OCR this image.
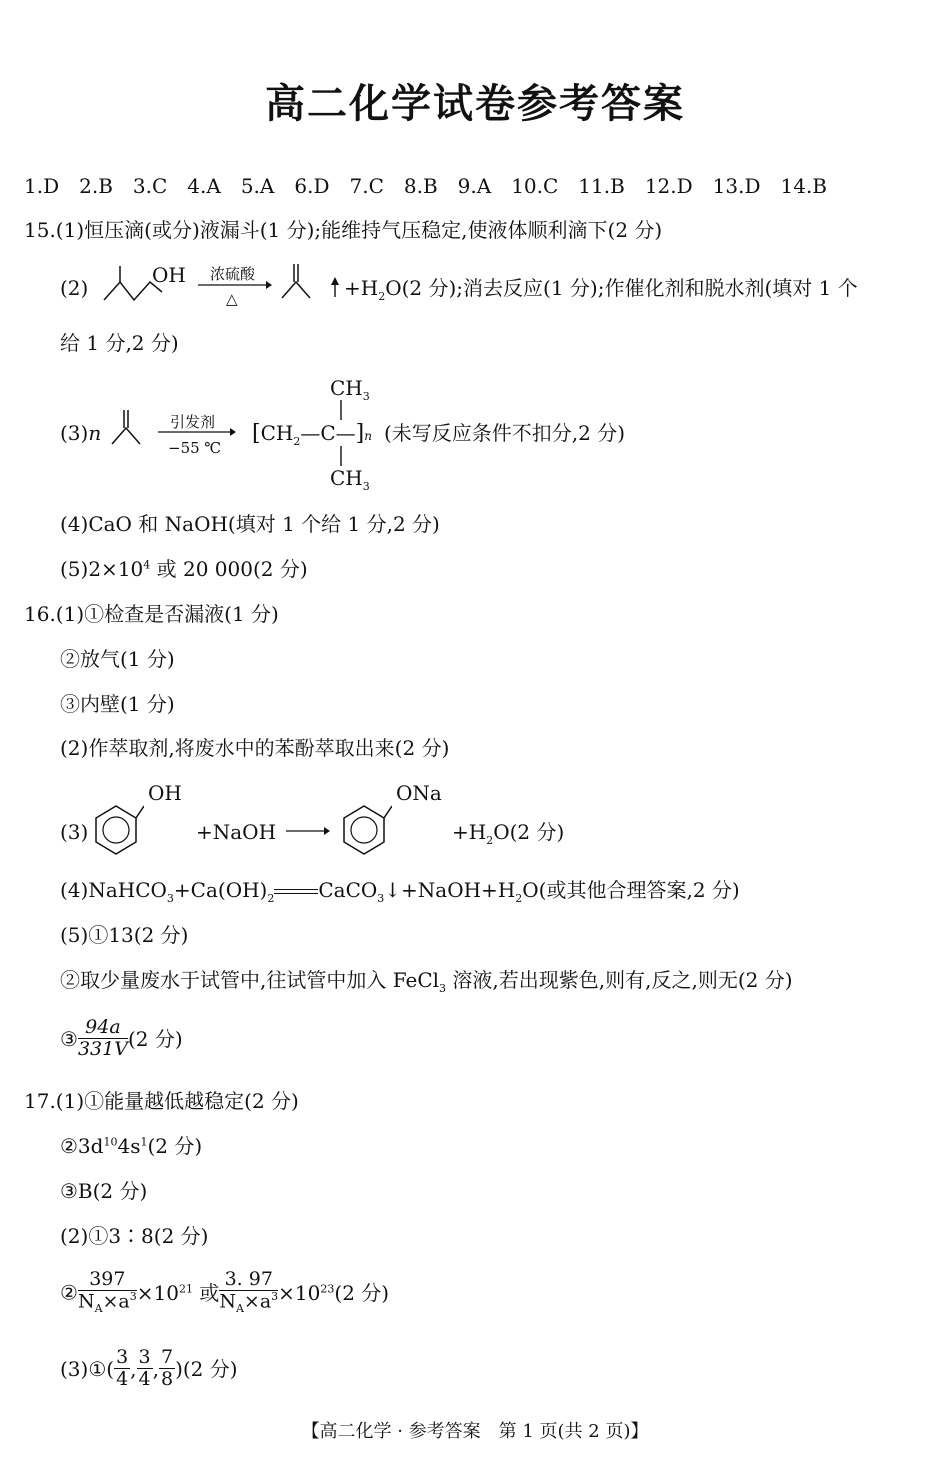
高二化学试卷参考答案
1.D 2.B 3.C 4.A 5.A 6.D 7.C 8.B 9.A 10.C 11.B 12.D 13.D 14.B
15.(1)恒压滴(或分)液漏斗(1 分);能维持气压稳定,使液体顺利滴下(2 分)
(2)
OH 浓硫酸
△	$+H_2O(2$ 分);消去反应(1 分);作催化剂和脱水剂(填对 1 个
给 1 分,2 分)
(3)n	引发剂
−55 ℃
$CH_3$
$[CH_2—C—]n$
$CH_3$
(未写反应条件不扣分,2 分)
(4)CaO 和 NaOH(填对 1 个给 1 分,2 分)
$(5)2\times 10^4$ 或 20 000(2 分)
16.(1)①检查是否漏液(1 分)
②放气(1 分)
③内壁(1 分)
(2)作萃取剂,将废水中的苯酚萃取出来(2 分)
(3)
OH
+NaOH
ONa
$+H_2O(2$ 分)
$(4)NaHCO_3+Ca(OH)_2$ $CaCO_3↓+NaOH+H_2O$(或其他合理答案,2 分)
(5)①13(2 分)
②取少量废水于试管中,往试管中加入 FeCl$_3$ 溶液,若出现紫色,则有,反之,则无(2 分)
③ $\frac{94a}{331V} (2$ 分)
17.(1)①能量越低越稳定(2 分)
$②3d^{10}4s^1(2$ 分)
③B(2 分)
(2)①3∶8(2 分)
② $\frac{397}{N_A\times a^3} \times 10^{21}$ 或 $\frac{3. 97}{N_A\times a^3} \times 10^{23}(2$ 分)
(3)①( $\frac{3}{4}$ , $\frac{3}{4}$ , $\frac{7}{8} )(2$ 分)
【高二化学 · 参考答案　第 1 页(共 2 页)】
